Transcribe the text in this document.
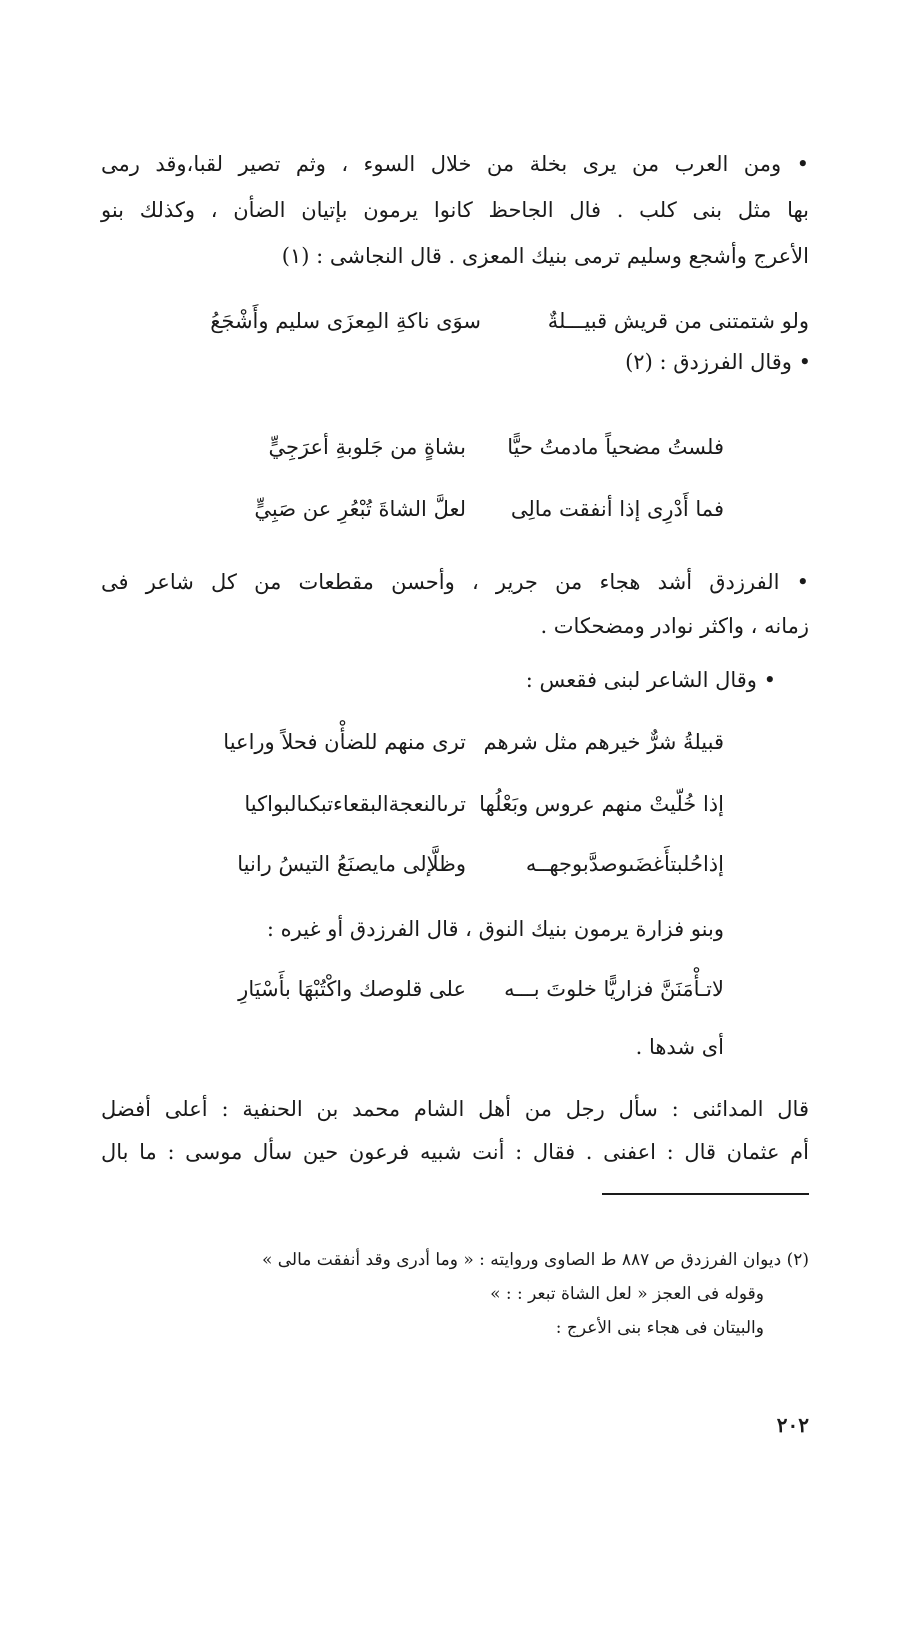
• ومن العرب من يرى بخلة من خلال السوء ، وثم تصير لقبا،وقد رمى
بها مثل بنى كلب . فال الجاحظ كانوا يرمون بإتيان الضأن ، وكذلك بنو
الأعرج وأشجع وسليم ترمى بنيك المعزى . قال النجاشى : (١)
ولو شتمتنى من قريش قبيـــلةٌ
سوَى ناكةِ المِعزَى سليم وأَشْجَعُ
• وقال الفرزدق : (٢)
فلستُ مضحياً مادمتُ حيًّا
بشاةٍ من جَلوبةِ أعرَجِيٍّ
فما أَدْرِى إذا أنفقت مالِى
لعلَّ الشاةَ تُبْعُرِ عن صَبِيٍّ
• الفرزدق أشد هجاء من جرير ، وأحسن مقطعات من كل شاعر فى
زمانه ، واكثر نوادر ومضحكات .
• وقال الشاعر لبنى فقعس :
قبيلةُ شرٌّ خيرهم مثل شرهم
ترى منهم للضأْن فحلاً وراعيا
إذا خُلّيتْ منهم عروس وبَعْلُها
ترىالنعجةالبقعاءتبكىالبواكيا
إذاحُلبتأَغضَىوصدَّبوجهــه
وظلَّإلى مايصنَعُ التيسُ رانيا
وبنو فزارة يرمون بنيك النوق ، قال الفرزدق أو غيره :
لاتـأْمَنَنَّ فزاريًّا خلوتَ بـــه
على قلوصك واكْتُبْهَا بأَسْيَارِ
أى شدها .
قال المدائنى : سأل رجل من أهل الشام محمد بن الحنفية : أعلى أفضل
أم عثمان قال : اعفنى . فقال : أنت شبيه فرعون حين سأل موسى : ما بال
(٢) ديوان الفرزدق ص ٨٨٧ ط الصاوى وروايته : « وما أدرى وقد أنفقت مالى »
وقوله فى العجز « لعل الشاة تبعر : : »
والبيتان فى هجاء بنى الأعرج :
٢٠٢
